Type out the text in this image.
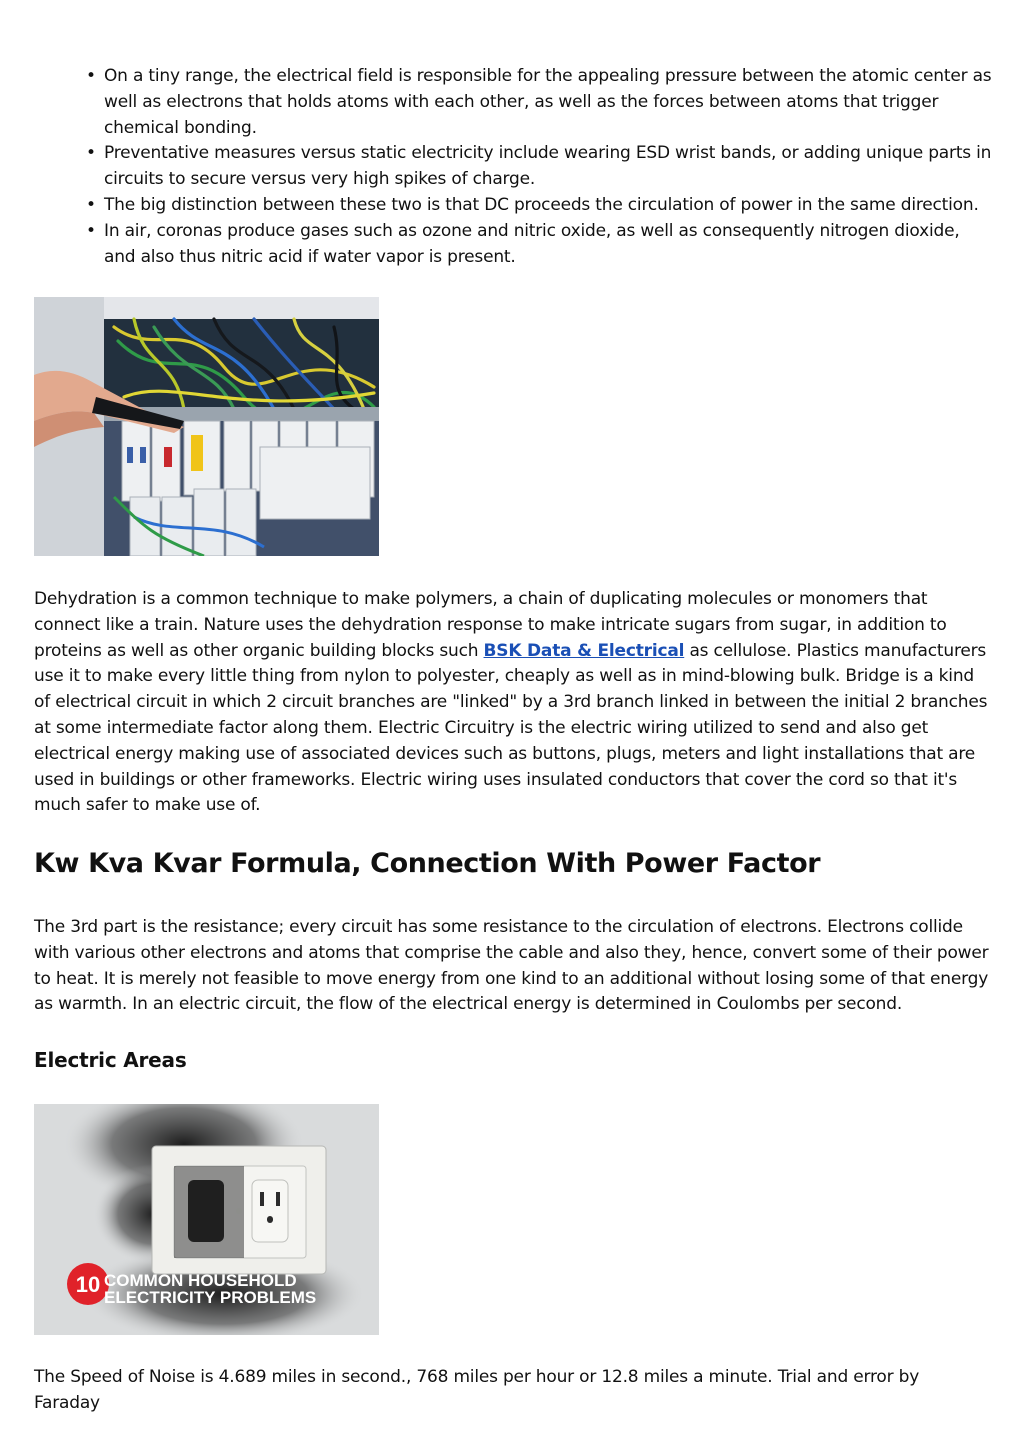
• On a tiny range, the electrical field is responsible for the appealing pressure between the atomic center as well as electrons that holds atoms with each other, as well as the forces between atoms that trigger chemical bonding.
• Preventative measures versus static electricity include wearing ESD wrist bands, or adding unique parts in circuits to secure versus very high spikes of charge.
• The big distinction between these two is that DC proceeds the circulation of power in the same direction.
• In air, coronas produce gases such as ozone and nitric oxide, as well as consequently nitrogen dioxide, and also thus nitric acid if water vapor is present.

Dehydration is a common technique to make polymers, a chain of duplicating molecules or monomers that connect like a train. Nature uses the dehydration response to make intricate sugars from sugar, in addition to proteins as well as other organic building blocks such BSK Data & Electrical as cellulose. Plastics manufacturers use it to make every little thing from nylon to polyester, cheaply as well as in mind-blowing bulk. Bridge is a kind of electrical circuit in which 2 circuit branches are "linked" by a 3rd branch linked in between the initial 2 branches at some intermediate factor along them. Electric Circuitry is the electric wiring utilized to send and also get electrical energy making use of associated devices such as buttons, plugs, meters and light installations that are used in buildings or other frameworks. Electric wiring uses insulated conductors that cover the cord so that it's much safer to make use of.

Kw Kva Kvar Formula, Connection With Power Factor

The 3rd part is the resistance; every circuit has some resistance to the circulation of electrons. Electrons collide with various other electrons and atoms that comprise the cable and also they, hence, convert some of their power to heat. It is merely not feasible to move energy from one kind to an additional without losing some of that energy as warmth. In an electric circuit, the flow of the electrical energy is determined in Coulombs per second.

Electric Areas
10 COMMON HOUSEHOLD
ELECTRICITY PROBLEMS

The Speed of Noise is 4.689 miles in second., 768 miles per hour or 12.8 miles a minute. Trial and error by Faraday
